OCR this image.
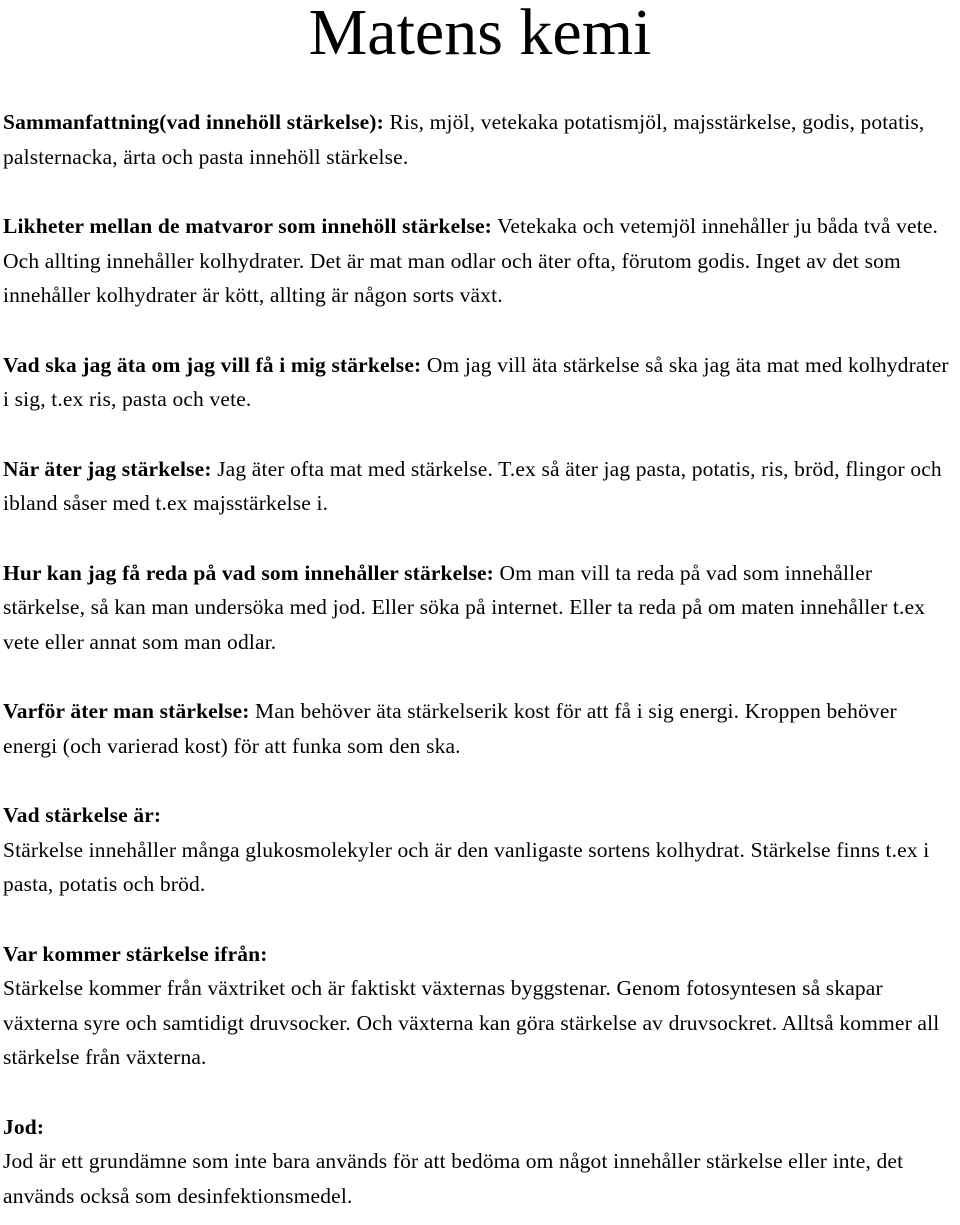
Matens kemi
Sammanfattning(vad innehöll stärkelse): Ris, mjöl, vetekaka potatismjöl, majsstärkelse, godis, potatis, palsternacka, ärta och pasta innehöll stärkelse.
Likheter mellan de matvaror som innehöll stärkelse: Vetekaka och vetemjöl innehåller ju båda två vete. Och allting innehåller kolhydrater. Det är mat man odlar och äter ofta, förutom godis. Inget av det som innehåller kolhydrater är kött, allting är någon sorts växt.
Vad ska jag äta om jag vill få i mig stärkelse: Om jag vill äta stärkelse så ska jag äta mat med kolhydrater i sig, t.ex ris, pasta och vete.
När äter jag stärkelse: Jag äter ofta mat med stärkelse. T.ex så äter jag pasta, potatis, ris, bröd, flingor och ibland såser med t.ex majsstärkelse i.
Hur kan jag få reda på vad som innehåller stärkelse: Om man vill ta reda på vad som innehåller stärkelse, så kan man undersöka med jod. Eller söka på internet. Eller ta reda på om maten innehåller t.ex vete eller annat som man odlar.
Varför äter man stärkelse: Man behöver äta stärkelserik kost för att få i sig energi. Kroppen behöver energi (och varierad kost) för att funka som den ska.

Vad stärkelse är:

Stärkelse innehåller många glukosmolekyler och är den vanligaste sortens kolhydrat. Stärkelse finns t.ex i pasta, potatis och bröd.

Var kommer stärkelse ifrån:

Stärkelse kommer från växtriket och är faktiskt växternas byggstenar. Genom fotosyntesen så skapar växterna syre och samtidigt druvsocker. Och växterna kan göra stärkelse av druvsockret. Alltså kommer all stärkelse från växterna.

Jod:

Jod är ett grundämne som inte bara används för att bedöma om något innehåller stärkelse eller inte, det används också som desinfektionsmedel.
